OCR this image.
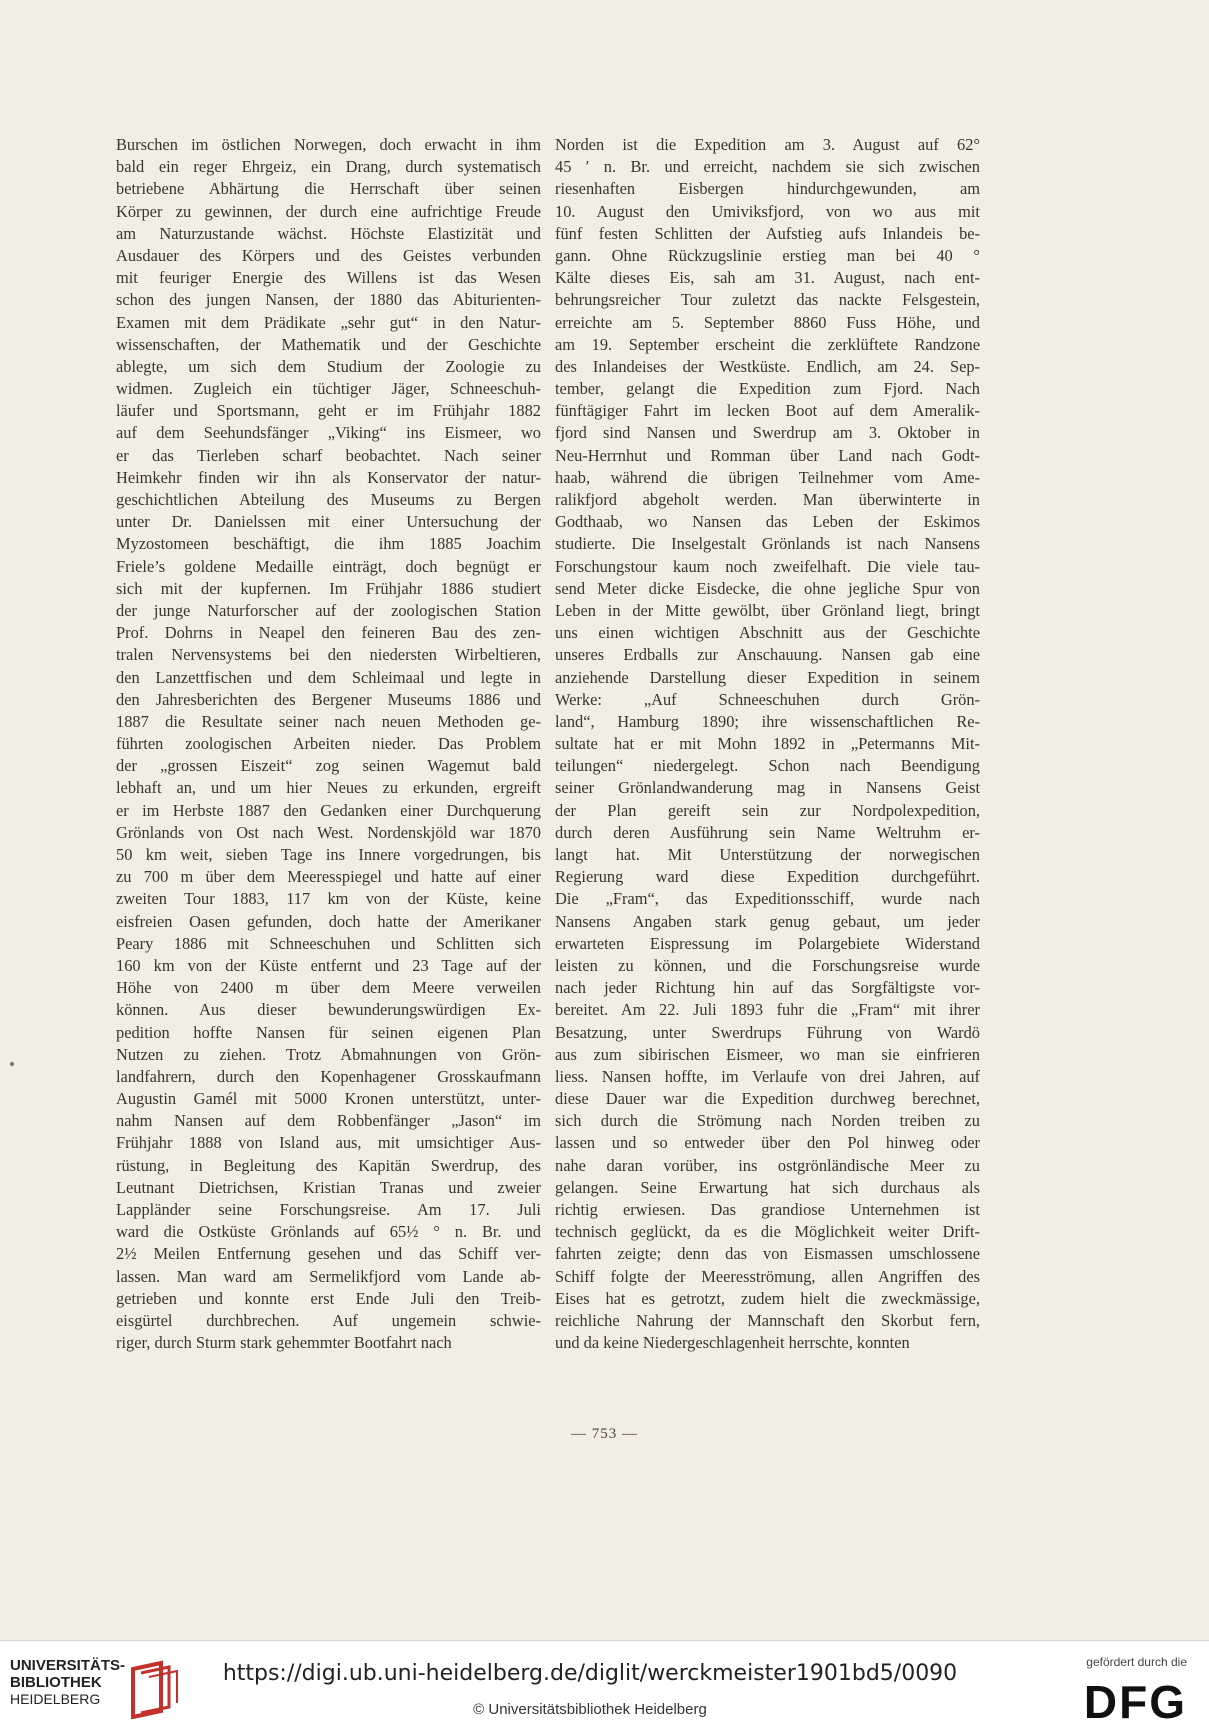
Burschen im östlichen Norwegen, doch erwacht in ihm
bald ein reger Ehrgeiz, ein Drang, durch systematisch
betriebene Abhärtung die Herrschaft über seinen
Körper zu gewinnen, der durch eine aufrichtige Freude
am Naturzustande wächst. Höchste Elastizität und
Ausdauer des Körpers und des Geistes verbunden
mit feuriger Energie des Willens ist das Wesen
schon des jungen Nansen, der 1880 das Abiturienten-
Examen mit dem Prädikate „sehr gut“ in den Natur-
wissenschaften, der Mathematik und der Geschichte
ablegte, um sich dem Studium der Zoologie zu
widmen. Zugleich ein tüchtiger Jäger, Schneeschuh-
läufer und Sportsmann, geht er im Frühjahr 1882
auf dem Seehundsfänger „Viking“ ins Eismeer, wo
er das Tierleben scharf beobachtet. Nach seiner
Heimkehr finden wir ihn als Konservator der natur-
geschichtlichen Abteilung des Museums zu Bergen
unter Dr. Danielssen mit einer Untersuchung der
Myzostomeen beschäftigt, die ihm 1885 Joachim
Friele’s goldene Medaille einträgt, doch begnügt er
sich mit der kupfernen. Im Frühjahr 1886 studiert
der junge Naturforscher auf der zoologischen Station
Prof. Dohrns in Neapel den feineren Bau des zen-
tralen Nervensystems bei den niedersten Wirbeltieren,
den Lanzettfischen und dem Schleimaal und legte in
den Jahresberichten des Bergener Museums 1886 und
1887 die Resultate seiner nach neuen Methoden ge-
führten zoologischen Arbeiten nieder. Das Problem
der „grossen Eiszeit“ zog seinen Wagemut bald
lebhaft an, und um hier Neues zu erkunden, ergreift
er im Herbste 1887 den Gedanken einer Durchquerung
Grönlands von Ost nach West. Nordenskjöld war 1870
50 km weit, sieben Tage ins Innere vorgedrungen, bis
zu 700 m über dem Meeresspiegel und hatte auf einer
zweiten Tour 1883, 117 km von der Küste, keine
eisfreien Oasen gefunden, doch hatte der Amerikaner
Peary 1886 mit Schneeschuhen und Schlitten sich
160 km von der Küste entfernt und 23 Tage auf der
Höhe von 2400 m über dem Meere verweilen
können. Aus dieser bewunderungswürdigen Ex-
pedition hoffte Nansen für seinen eigenen Plan
Nutzen zu ziehen. Trotz Abmahnungen von Grön-
landfahrern, durch den Kopenhagener Grosskaufmann
Augustin Gamél mit 5000 Kronen unterstützt, unter-
nahm Nansen auf dem Robbenfänger „Jason“ im
Frühjahr 1888 von Island aus, mit umsichtiger Aus-
rüstung, in Begleitung des Kapitän Swerdrup, des
Leutnant Dietrichsen, Kristian Tranas und zweier
Lappländer seine Forschungsreise. Am 17. Juli
ward die Ostküste Grönlands auf 65½ ° n. Br. und
2½ Meilen Entfernung gesehen und das Schiff ver-
lassen. Man ward am Sermelikfjord vom Lande ab-
getrieben und konnte erst Ende Juli den Treib-
eisgürtel durchbrechen. Auf ungemein schwie-
riger, durch Sturm stark gehemmter Bootfahrt nach
Norden ist die Expedition am 3. August auf 62°
45 ′ n. Br. und erreicht, nachdem sie sich zwischen
riesenhaften Eisbergen hindurchgewunden, am
10. August den Umiviksfjord, von wo aus mit
fünf festen Schlitten der Aufstieg aufs Inlandeis be-
gann. Ohne Rückzugslinie erstieg man bei 40 °
Kälte dieses Eis, sah am 31. August, nach ent-
behrungsreicher Tour zuletzt das nackte Felsgestein,
erreichte am 5. September 8860 Fuss Höhe, und
am 19. September erscheint die zerklüftete Randzone
des Inlandeises der Westküste. Endlich, am 24. Sep-
tember, gelangt die Expedition zum Fjord. Nach
fünftägiger Fahrt im lecken Boot auf dem Ameralik-
fjord sind Nansen und Swerdrup am 3. Oktober in
Neu-Herrnhut und Romman über Land nach Godt-
haab, während die übrigen Teilnehmer vom Ame-
ralikfjord abgeholt werden. Man überwinterte in
Godthaab, wo Nansen das Leben der Eskimos
studierte. Die Inselgestalt Grönlands ist nach Nansens
Forschungstour kaum noch zweifelhaft. Die viele tau-
send Meter dicke Eisdecke, die ohne jegliche Spur von
Leben in der Mitte gewölbt, über Grönland liegt, bringt
uns einen wichtigen Abschnitt aus der Geschichte
unseres Erdballs zur Anschauung. Nansen gab eine
anziehende Darstellung dieser Expedition in seinem
Werke: „Auf Schneeschuhen durch Grön-
land“, Hamburg 1890; ihre wissenschaftlichen Re-
sultate hat er mit Mohn 1892 in „Petermanns Mit-
teilungen“ niedergelegt. Schon nach Beendigung
seiner Grönlandwanderung mag in Nansens Geist
der Plan gereift sein zur Nordpolexpedition,
durch deren Ausführung sein Name Weltruhm er-
langt hat. Mit Unterstützung der norwegischen
Regierung ward diese Expedition durchgeführt.
Die „Fram“, das Expeditionsschiff, wurde nach
Nansens Angaben stark genug gebaut, um jeder
erwarteten Eispressung im Polargebiete Widerstand
leisten zu können, und die Forschungsreise wurde
nach jeder Richtung hin auf das Sorgfältigste vor-
bereitet. Am 22. Juli 1893 fuhr die „Fram“ mit ihrer
Besatzung, unter Swerdrups Führung von Wardö
aus zum sibirischen Eismeer, wo man sie einfrieren
liess. Nansen hoffte, im Verlaufe von drei Jahren, auf
diese Dauer war die Expedition durchweg berechnet,
sich durch die Strömung nach Norden treiben zu
lassen und so entweder über den Pol hinweg oder
nahe daran vorüber, ins ostgrönländische Meer zu
gelangen. Seine Erwartung hat sich durchaus als
richtig erwiesen. Das grandiose Unternehmen ist
technisch geglückt, da es die Möglichkeit weiter Drift-
fahrten zeigte; denn das von Eismassen umschlossene
Schiff folgte der Meeresströmung, allen Angriffen des
Eises hat es getrotzt, zudem hielt die zweckmässige,
reichliche Nahrung der Mannschaft den Skorbut fern,
und da keine Niedergeschlagenheit herrschte, konnten
— 753 —
UNIVERSITÄTS-
BIBLIOTHEK
HEIDELBERG
https://digi.ub.uni-heidelberg.de/diglit/werckmeister1901bd5/0090
© Universitätsbibliothek Heidelberg
gefördert durch die
DFG
